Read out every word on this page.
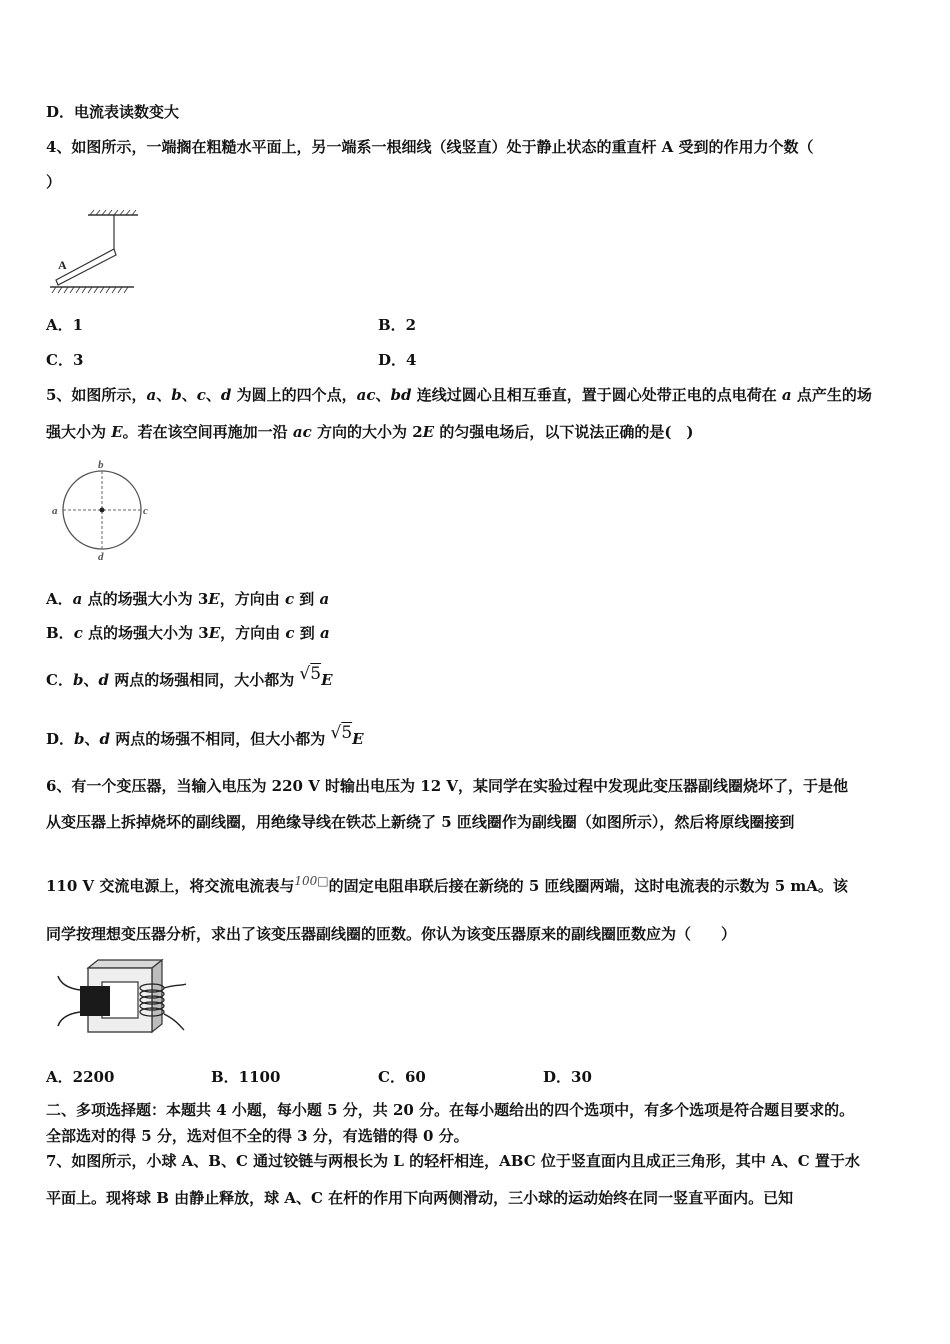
D．电流表读数变大
4、如图所示，一端搁在粗糙水平面上，另一端系一根细线（线竖直）处于静止状态的重直杆 A 受到的作用力个数（
）
A
A．1	B．2
C．3	D．4
5、如图所示，a、b、c、d 为圆上的四个点，ac、bd 连线过圆心且相互垂直，置于圆心处带正电的点电荷在 a 点产生的场
强大小为 E。若在该空间再施加一沿 ac 方向的大小为 2E 的匀强电场后，以下说法正确的是(　)
b
a	c
d
A．a 点的场强大小为 3E，方向由 c 到 a
B．c 点的场强大小为 3E，方向由 c 到 a
C．b、d 两点的场强相同，大小都为 √5E
D．b、d 两点的场强不相同，但大小都为 √5E
6、有一个变压器，当输入电压为 220 V 时输出电压为 12 V，某同学在实验过程中发现此变压器副线圈烧坏了，于是他
从变压器上拆掉烧坏的副线圈，用绝缘导线在铁芯上新绕了 5 匝线圈作为副线圈（如图所示），然后将原线圈接到
110 V 交流电源上，将交流电流表与$^{100□}$的固定电阻串联后接在新绕的 5 匝线圈两端，这时电流表的示数为 5 mA。该
同学按理想变压器分析，求出了该变压器副线圈的匝数。你认为该变压器原来的副线圈匝数应为（　　）
A．2200	B．1100	C．60	D．30
二、多项选择题：本题共 4 小题，每小题 5 分，共 20 分。在每小题给出的四个选项中，有多个选项是符合题目要求的。
全部选对的得 5 分，选对但不全的得 3 分，有选错的得 0 分。
7、如图所示，小球 A、B、C 通过铰链与两根长为 L 的轻杆相连，ABC 位于竖直面内且成正三角形，其中 A、C 置于水
平面上。现将球 B 由静止释放，球 A、C 在杆的作用下向两侧滑动，三小球的运动始终在同一竖直平面内。已知
